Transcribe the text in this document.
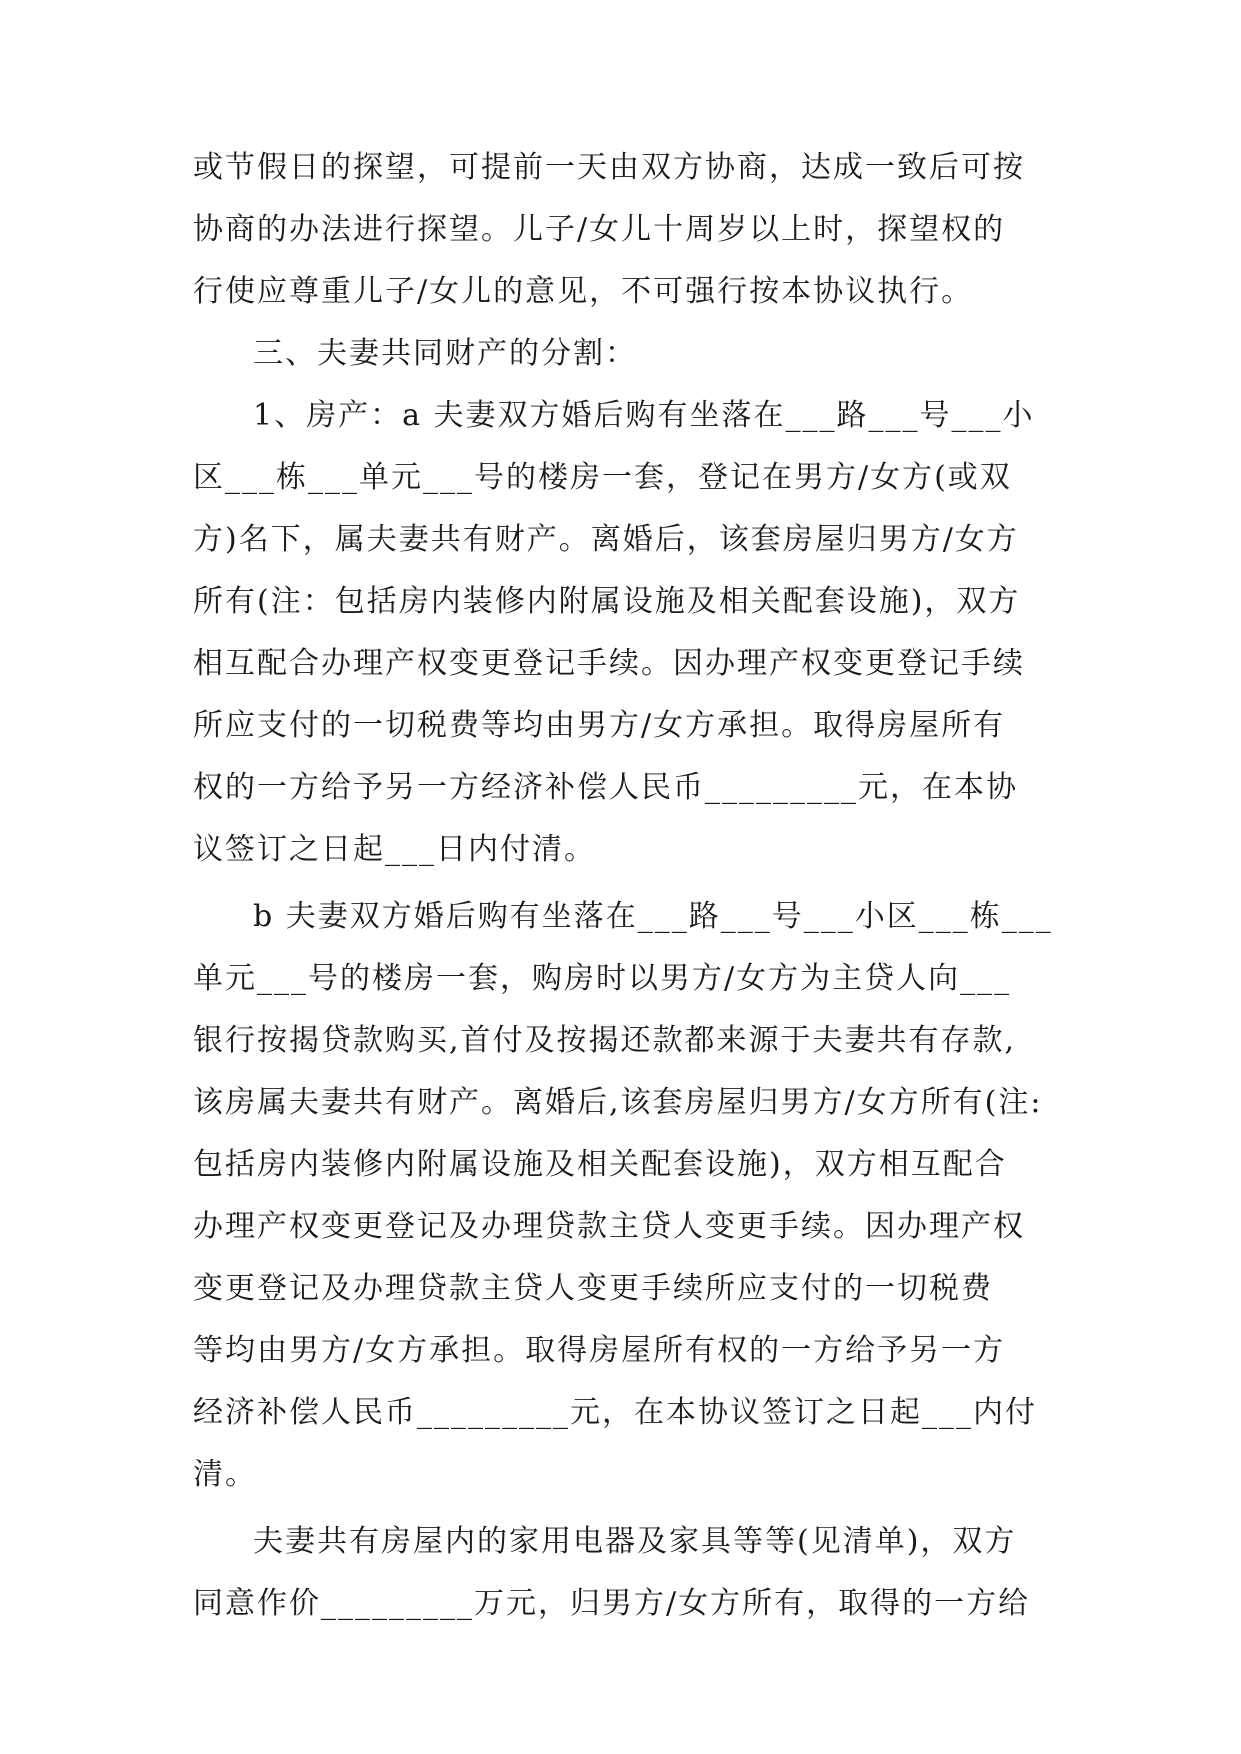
或节假日的探望，可提前一天由双方协商，达成一致后可按
协商的办法进行探望。儿子/女儿十周岁以上时，探望权的
行使应尊重儿子/女儿的意见，不可强行按本协议执行。
三、夫妻共同财产的分割：
1、房产：a 夫妻双方婚后购有坐落在___路___号___小
区___栋___单元___号的楼房一套，登记在男方/女方(或双
方)名下，属夫妻共有财产。离婚后，该套房屋归男方/女方
所有(注：包括房内装修内附属设施及相关配套设施)，双方
相互配合办理产权变更登记手续。因办理产权变更登记手续
所应支付的一切税费等均由男方/女方承担。取得房屋所有
权的一方给予另一方经济补偿人民币_________元，在本协
议签订之日起___日内付清。
b 夫妻双方婚后购有坐落在___路___号___小区___栋___
单元___号的楼房一套，购房时以男方/女方为主贷人向___
银行按揭贷款购买,首付及按揭还款都来源于夫妻共有存款,
该房属夫妻共有财产。离婚后,该套房屋归男方/女方所有(注:
包括房内装修内附属设施及相关配套设施)，双方相互配合
办理产权变更登记及办理贷款主贷人变更手续。因办理产权
变更登记及办理贷款主贷人变更手续所应支付的一切税费
等均由男方/女方承担。取得房屋所有权的一方给予另一方
经济补偿人民币_________元，在本协议签订之日起___内付
清。
夫妻共有房屋内的家用电器及家具等等(见清单)，双方
同意作价_________万元，归男方/女方所有，取得的一方给
